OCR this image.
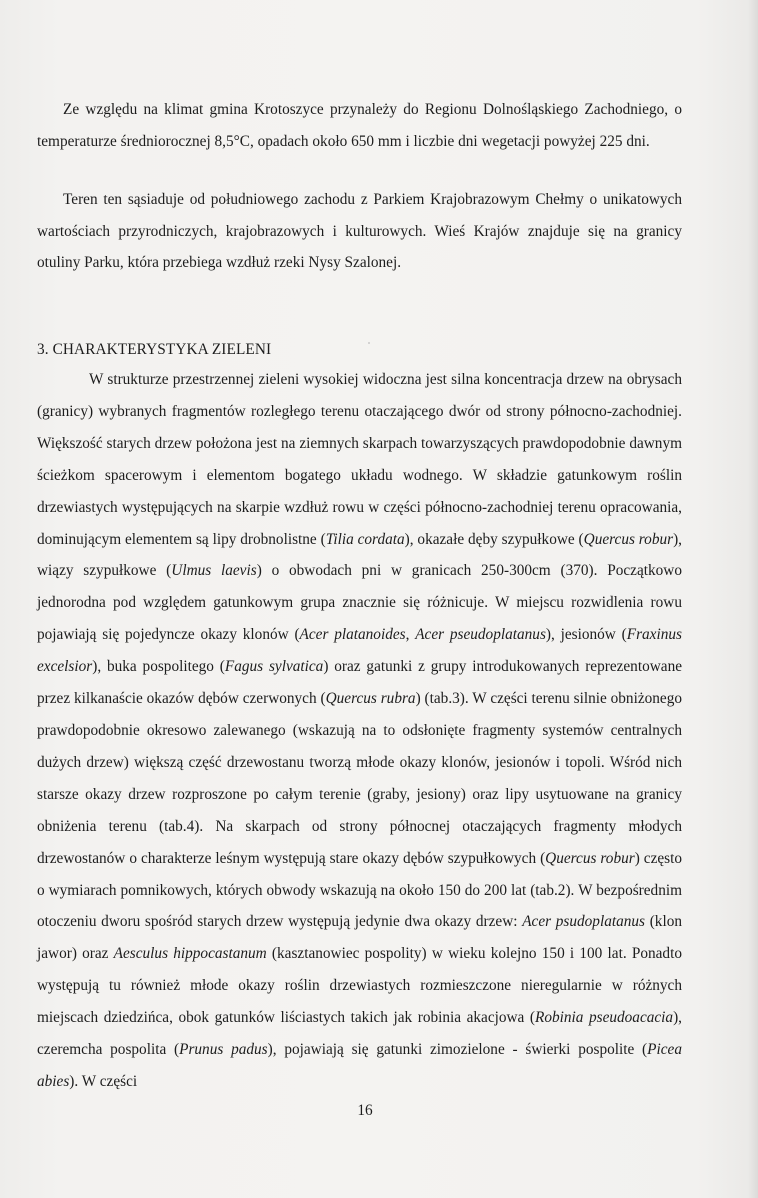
Ze względu na klimat gmina Krotoszyce przynależy do Regionu Dolnośląskiego Zachodniego, o temperaturze średniorocznej 8,5°C, opadach około 650 mm i liczbie dni wegetacji powyżej 225 dni.

Teren ten sąsiaduje od południowego zachodu z Parkiem Krajobrazowym Chełmy o unikatowych wartościach przyrodniczych, krajobrazowych i kulturowych. Wieś Krajów znajduje się na granicy otuliny Parku, która przebiega wzdłuż rzeki Nysy Szalonej.

3. CHARAKTERYSTYKA ZIELENI

W strukturze przestrzennej zieleni wysokiej widoczna jest silna koncentracja drzew na obrysach (granicy) wybranych fragmentów rozległego terenu otaczającego dwór od strony północno-zachodniej. Większość starych drzew położona jest na ziemnych skarpach towarzyszących prawdopodobnie dawnym ścieżkom spacerowym i elementom bogatego układu wodnego. W składzie gatunkowym roślin drzewiastych występujących na skarpie wzdłuż rowu w części północno-zachodniej terenu opracowania, dominującym elementem są lipy drobnolistne (Tilia cordata), okazałe dęby szypułkowe (Quercus robur), wiązy szypułkowe (Ulmus laevis) o obwodach pni w granicach 250-300cm (370). Początkowo jednorodna pod względem gatunkowym grupa znacznie się różnicuje. W miejscu rozwidlenia rowu pojawiają się pojedyncze okazy klonów (Acer platanoides, Acer pseudoplatanus), jesionów (Fraxinus excelsior), buka pospolitego (Fagus sylvatica) oraz gatunki z grupy introdukowanych reprezentowane przez kilkanaście okazów dębów czerwonych (Quercus rubra) (tab.3). W części terenu silnie obniżonego prawdopodobnie okresowo zalewanego (wskazują na to odsłonięte fragmenty systemów centralnych dużych drzew) większą część drzewostanu tworzą młode okazy klonów, jesionów i topoli. Wśród nich starsze okazy drzew rozproszone po całym terenie (graby, jesiony) oraz lipy usytuowane na granicy obniżenia terenu (tab.4). Na skarpach od strony północnej otaczających fragmenty młodych drzewostanów o charakterze leśnym występują stare okazy dębów szypułkowych (Quercus robur) często o wymiarach pomnikowych, których obwody wskazują na około 150 do 200 lat (tab.2). W bezpośrednim otoczeniu dworu spośród starych drzew występują jedynie dwa okazy drzew: Acer psudoplatanus (klon jawor) oraz Aesculus hippocastanum (kasztanowiec pospolity) w wieku kolejno 150 i 100 lat. Ponadto występują tu również młode okazy roślin drzewiastych rozmieszczone nieregularnie w różnych miejscach dziedzińca, obok gatunków liściastych takich jak robinia akacjowa (Robinia pseudoacacia), czeremcha pospolita (Prunus padus), pojawiają się gatunki zimozielone - świerki pospolite (Picea abies). W części

16
